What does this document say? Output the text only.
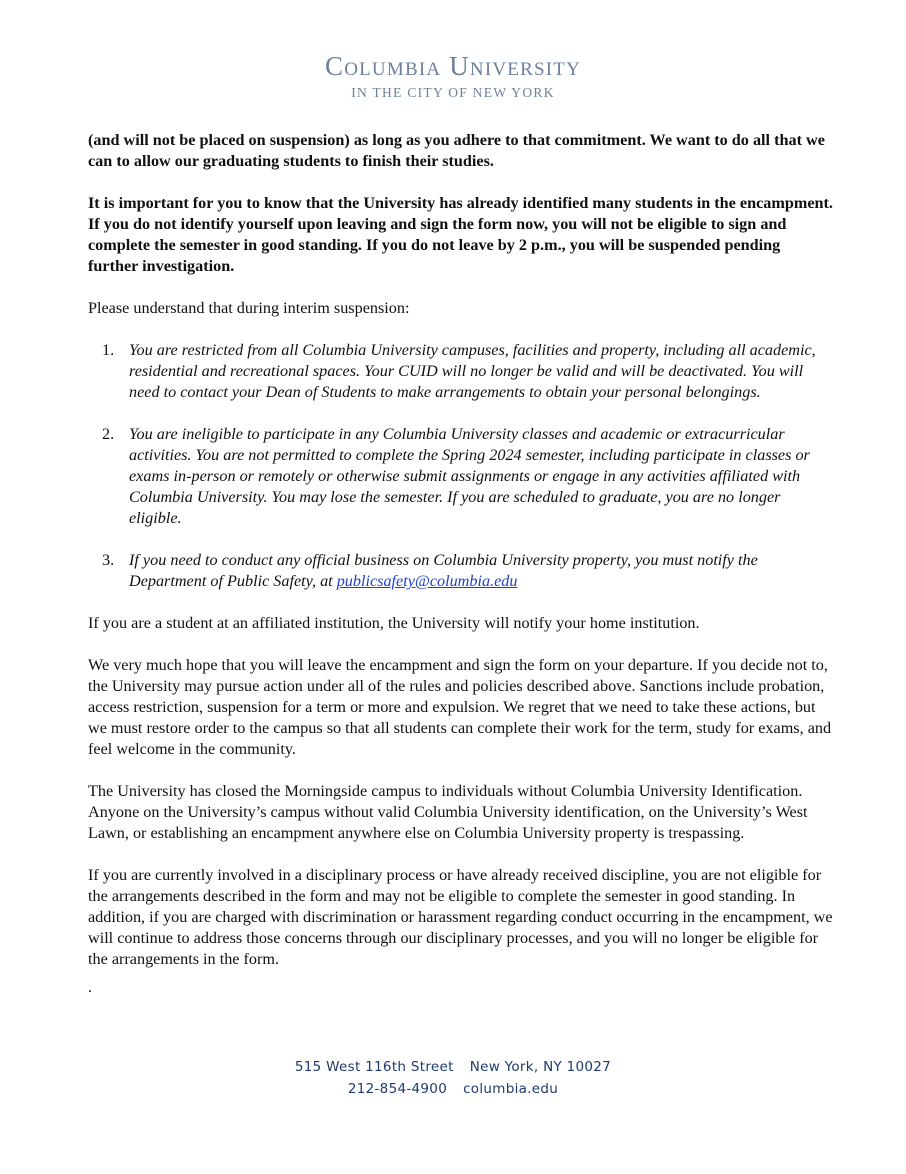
Columbia University
IN THE CITY OF NEW YORK

(and will not be placed on suspension) as long as you adhere to that commitment. We want to do all that we can to allow our graduating students to finish their studies.

It is important for you to know that the University has already identified many students in the encampment. If you do not identify yourself upon leaving and sign the form now, you will not be eligible to sign and complete the semester in good standing. If you do not leave by 2 p.m., you will be suspended pending further investigation.

Please understand that during interim suspension:

1. You are restricted from all Columbia University campuses, facilities and property, including all academic, residential and recreational spaces. Your CUID will no longer be valid and will be deactivated. You will need to contact your Dean of Students to make arrangements to obtain your personal belongings.
2. You are ineligible to participate in any Columbia University classes and academic or extracurricular activities. You are not permitted to complete the Spring 2024 semester, including participate in classes or exams in-person or remotely or otherwise submit assignments or engage in any activities affiliated with Columbia University. You may lose the semester. If you are scheduled to graduate, you are no longer eligible.
3. If you need to conduct any official business on Columbia University property, you must notify the Department of Public Safety, at publicsafety@columbia.edu

If you are a student at an affiliated institution, the University will notify your home institution.

We very much hope that you will leave the encampment and sign the form on your departure. If you decide not to, the University may pursue action under all of the rules and policies described above. Sanctions include probation, access restriction, suspension for a term or more and expulsion. We regret that we need to take these actions, but we must restore order to the campus so that all students can complete their work for the term, study for exams, and feel welcome in the community.

The University has closed the Morningside campus to individuals without Columbia University Identification. Anyone on the University’s campus without valid Columbia University identification, on the University’s West Lawn, or establishing an encampment anywhere else on Columbia University property is trespassing.

If you are currently involved in a disciplinary process or have already received discipline, you are not eligible for the arrangements described in the form and may not be eligible to complete the semester in good standing. In addition, if you are charged with discrimination or harassment regarding conduct occurring in the encampment, we will continue to address those concerns through our disciplinary processes, and you will no longer be eligible for the arrangements in the form.

.

515 West 116th Street New York, NY 10027
212-854-4900 columbia.edu
